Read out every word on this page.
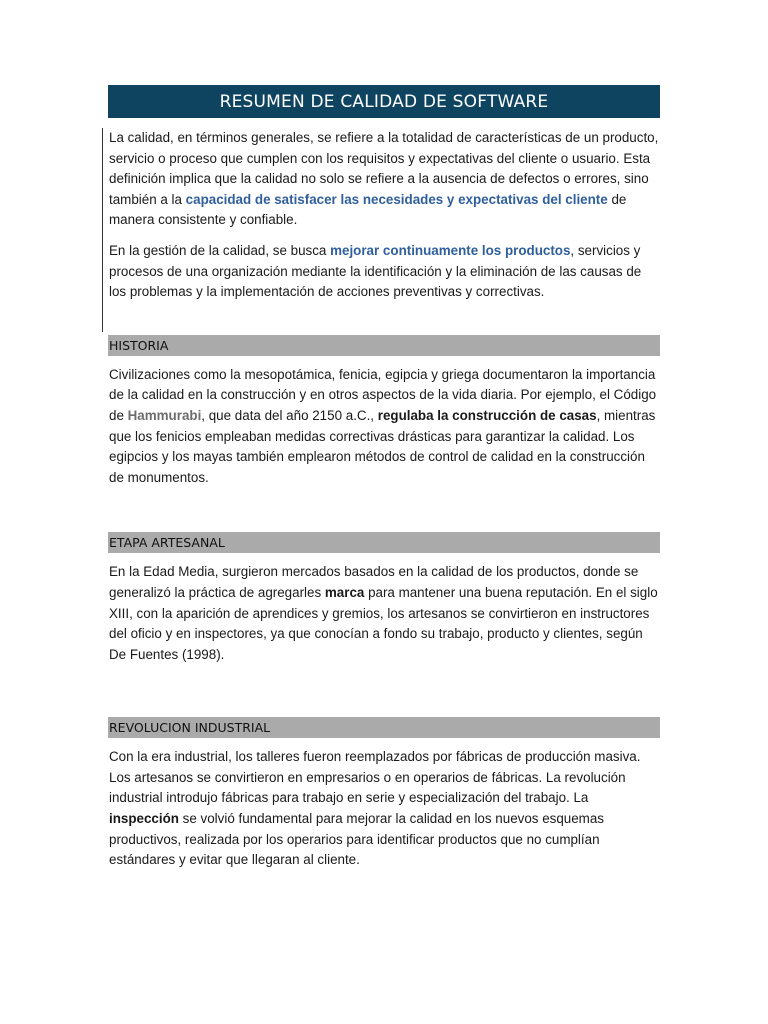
RESUMEN DE CALIDAD DE SOFTWARE

La calidad, en términos generales, se refiere a la totalidad de características de un producto, servicio o proceso que cumplen con los requisitos y expectativas del cliente o usuario. Esta definición implica que la calidad no solo se refiere a la ausencia de defectos o errores, sino también a la capacidad de satisfacer las necesidades y expectativas del cliente de manera consistente y confiable.

En la gestión de la calidad, se busca mejorar continuamente los productos, servicios y procesos de una organización mediante la identificación y la eliminación de las causas de los problemas y la implementación de acciones preventivas y correctivas.

HISTORIA

Civilizaciones como la mesopotámica, fenicia, egipcia y griega documentaron la importancia de la calidad en la construcción y en otros aspectos de la vida diaria. Por ejemplo, el Código de Hammurabi, que data del año 2150 a.C., regulaba la construcción de casas, mientras que los fenicios empleaban medidas correctivas drásticas para garantizar la calidad. Los egipcios y los mayas también emplearon métodos de control de calidad en la construcción de monumentos.

ETAPA ARTESANAL

En la Edad Media, surgieron mercados basados en la calidad de los productos, donde se generalizó la práctica de agregarles marca para mantener una buena reputación. En el siglo XIII, con la aparición de aprendices y gremios, los artesanos se convirtieron en instructores del oficio y en inspectores, ya que conocían a fondo su trabajo, producto y clientes, según De Fuentes (1998).

REVOLUCION INDUSTRIAL

Con la era industrial, los talleres fueron reemplazados por fábricas de producción masiva. Los artesanos se convirtieron en empresarios o en operarios de fábricas. La revolución industrial introdujo fábricas para trabajo en serie y especialización del trabajo. La inspección se volvió fundamental para mejorar la calidad en los nuevos esquemas productivos, realizada por los operarios para identificar productos que no cumplían estándares y evitar que llegaran al cliente.
